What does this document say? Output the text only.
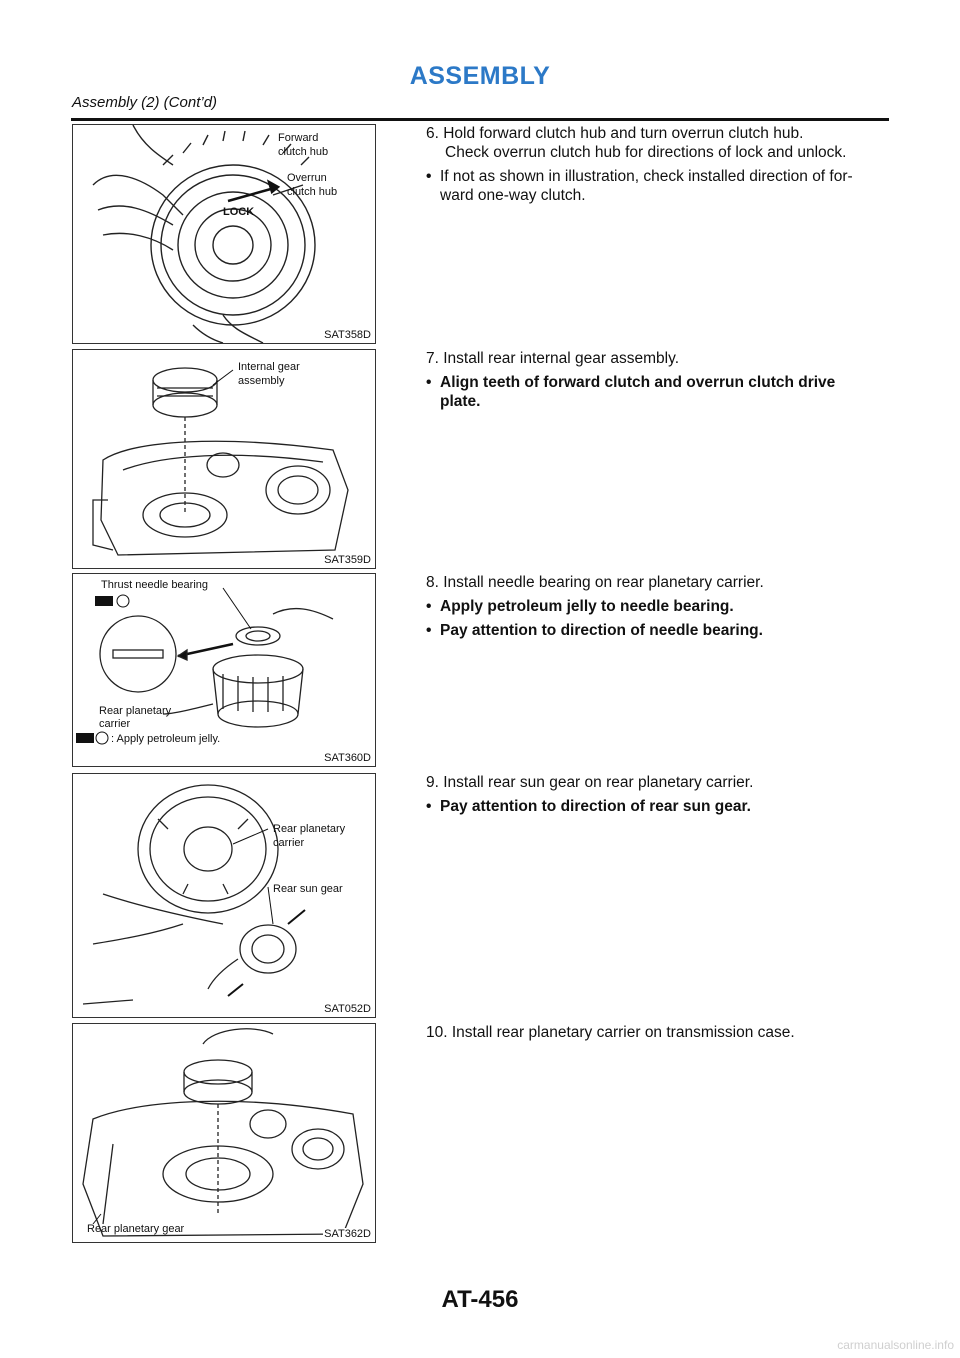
ASSEMBLY
Assembly (2) (Cont’d)
Forward
clutch hub
Overrun
clutch hub
LOCK
SAT358D

6. Hold forward clutch hub and turn overrun clutch hub.

Check overrun clutch hub for directions of lock and unlock.

• If not as shown in illustration, check installed direction of for-
ward one-way clutch.
Internal gear
assembly
SAT359D

7. Install rear internal gear assembly.

• Align teeth of forward clutch and overrun clutch drive
plate.
Thrust needle bearing
Rear planetary
carrier
: Apply petroleum jelly.
SAT360D

8. Install needle bearing on rear planetary carrier.

• Apply petroleum jelly to needle bearing.
• Pay attention to direction of needle bearing.
Rear planetary
carrier
Rear sun gear
SAT052D

9. Install rear sun gear on rear planetary carrier.

• Pay attention to direction of rear sun gear.
Rear planetary gear	SAT362D

10. Install rear planetary carrier on transmission case.

AT-456
carmanualsonline.info
